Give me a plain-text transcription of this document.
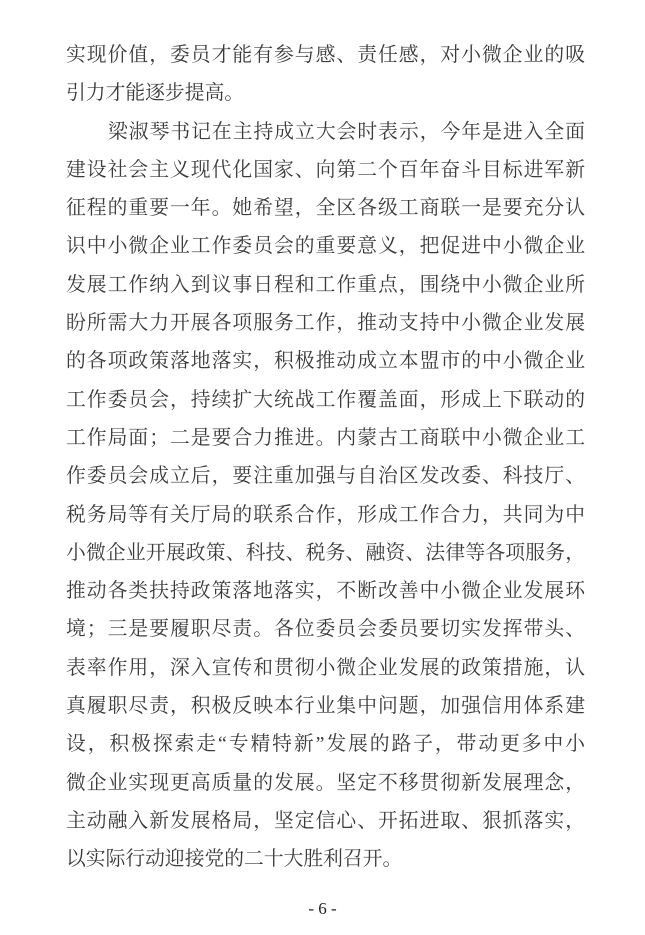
实现价值，委员才能有参与感、责任感，对小微企业的吸
引力才能逐步提高。
梁淑琴书记在主持成立大会时表示，今年是进入全面
建设社会主义现代化国家、向第二个百年奋斗目标进军新
征程的重要一年。她希望，全区各级工商联一是要充分认
识中小微企业工作委员会的重要意义，把促进中小微企业
发展工作纳入到议事日程和工作重点，围绕中小微企业所
盼所需大力开展各项服务工作，推动支持中小微企业发展
的各项政策落地落实，积极推动成立本盟市的中小微企业
工作委员会，持续扩大统战工作覆盖面，形成上下联动的
工作局面；二是要合力推进。内蒙古工商联中小微企业工
作委员会成立后，要注重加强与自治区发改委、科技厅、
税务局等有关厅局的联系合作，形成工作合力，共同为中
小微企业开展政策、科技、税务、融资、法律等各项服务，
推动各类扶持政策落地落实，不断改善中小微企业发展环
境；三是要履职尽责。各位委员会委员要切实发挥带头、
表率作用，深入宣传和贯彻小微企业发展的政策措施，认
真履职尽责，积极反映本行业集中问题，加强信用体系建
设，积极探索走“专精特新”发展的路子，带动更多中小
微企业实现更高质量的发展。坚定不移贯彻新发展理念，
主动融入新发展格局，坚定信心、开拓进取、狠抓落实，
以实际行动迎接党的二十大胜利召开。
- 6 -
